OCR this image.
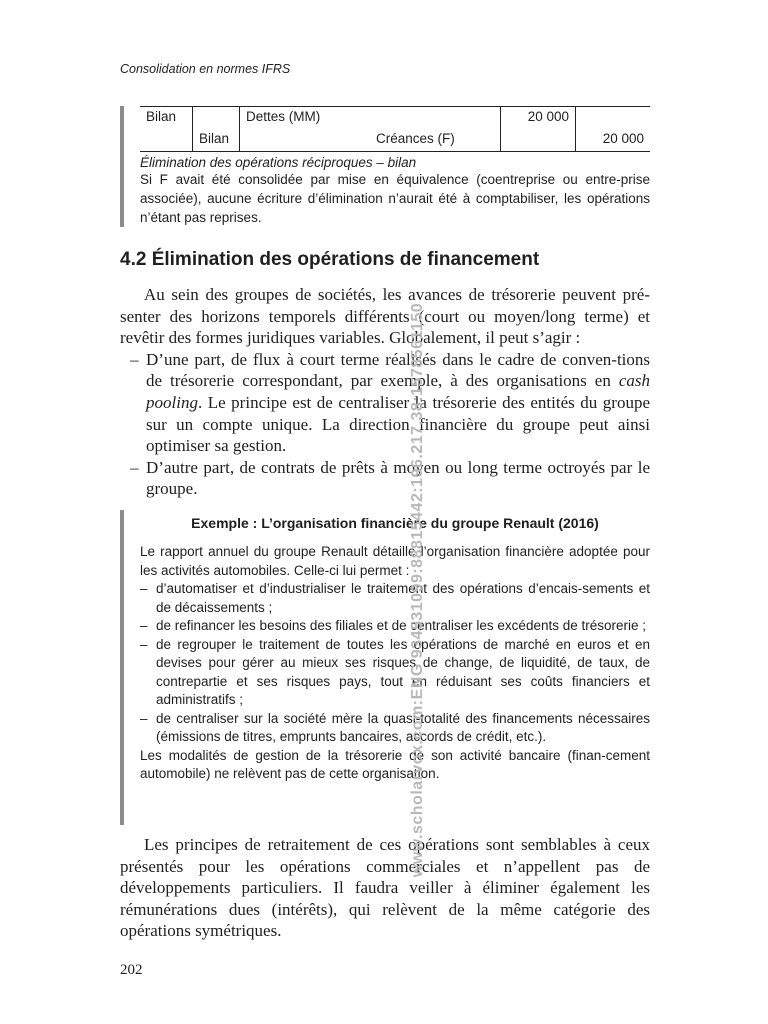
Consolidation en normes IFRS
Bilan		Dettes (MM)		20 000	
	Bilan		Créances (F)		20 000
Élimination des opérations réciproques – bilan

Si F avait été consolidée par mise en équivalence (coentreprise ou entre-prise associée), aucune écriture d’élimination n’aurait été à comptabiliser, les opérations n’étant pas reprises.

4.2 Élimination des opérations de financement

Au sein des groupes de sociétés, les avances de trésorerie peuvent pré-senter des horizons temporels différents (court ou moyen/long terme) et revêtir des formes juridiques variables. Globalement, il peut s’agir :

– D’une part, de flux à court terme réalisés dans le cadre de conven-tions de trésorerie correspondant, par exemple, à des organisations en cash pooling. Le principe est de centraliser la trésorerie des entités du groupe sur un compte unique. La direction financière du groupe peut ainsi optimiser sa gestion.
– D’autre part, de contrats de prêts à moyen ou long terme octroyés par le groupe.
Exemple : L’organisation financière du groupe Renault (2016)

Le rapport annuel du groupe Renault détaille l’organisation financière adoptée pour les activités automobiles. Celle-ci lui permet :

– d’automatiser et d’industrialiser le traitement des opérations d’encais-sements et de décaissements ;
– de refinancer les besoins des filiales et de centraliser les excédents de trésorerie ;
– de regrouper le traitement de toutes les opérations de marché en euros et en devises pour gérer au mieux ses risques de change, de liquidité, de taux, de contrepartie et ses risques pays, tout en réduisant ses coûts financiers et administratifs ;
– de centraliser sur la société mère la quasi-totalité des financements nécessaires (émissions de titres, emprunts bancaires, accords de crédit, etc.).

Les modalités de gestion de la trésorerie de son activité bancaire (finan-cement automobile) ne relèvent pas de cette organisation.

Les principes de retraitement de ces opérations sont semblables à ceux présentés pour les opérations commerciales et n’appellent pas de développements particuliers. Il faudra veiller à éliminer également les rémunérations dues (intérêts), qui relèvent de la même catégorie des opérations symétriques.

202
www.scholarvox.com:ENG 934531099:88815442:196.217.38:1578561150
